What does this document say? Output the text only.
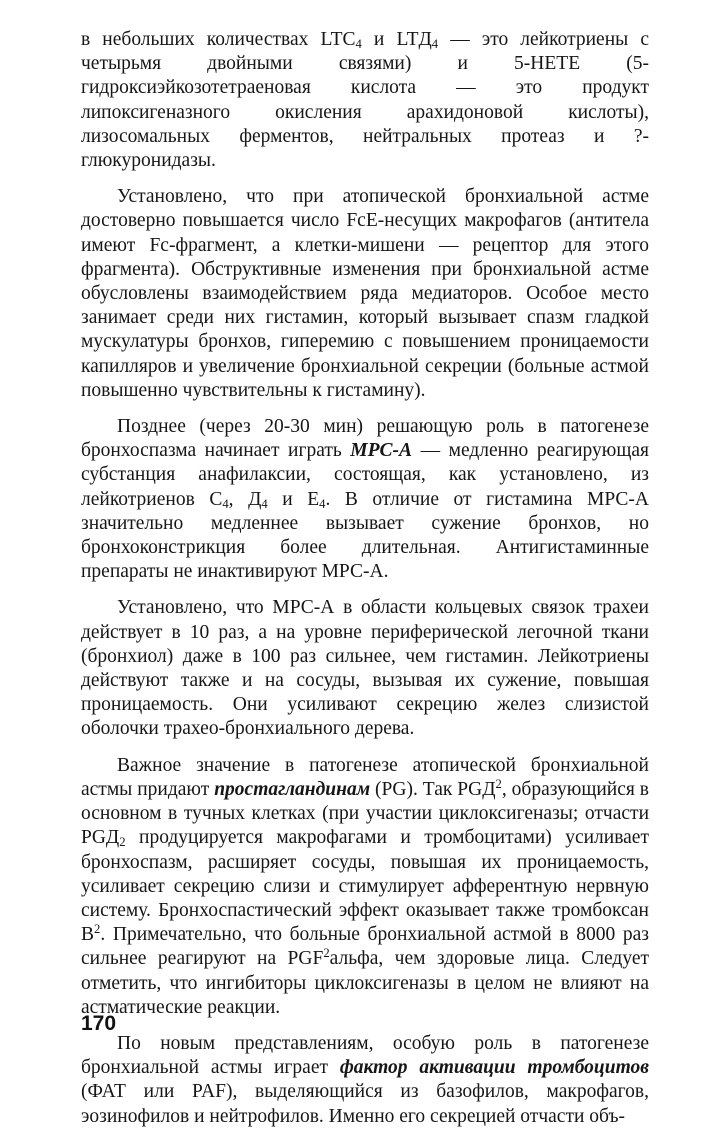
в небольших количествах $LTC_4$ и $LTД_4$ — это лейкотриены с четырьмя двойными связями) и 5-HETE (5-гидроксиэйкозотетраеновая кислота — это продукт липоксигеназного окисления арахидоновой кислоты), лизосомальных ферментов, нейтральных протеаз и ?-глюкуронидазы.

Установлено, что при атопической бронхиальной астме достоверно повышается число FcE-несущих макрофагов (антитела имеют Fc-фрагмент, а клетки-мишени — рецептор для этого фрагмента). Обструктивные изменения при бронхиальной астме обусловлены взаимодействием ряда медиаторов. Особое место занимает среди них гистамин, который вызывает спазм гладкой мускулатуры бронхов, гиперемию с повышением проницаемости капилляров и увеличение бронхиальной секреции (больные астмой повышенно чувствительны к гистамину).

Позднее (через 20-30 мин) решающую роль в патогенезе бронхоспазма начинает играть МРС-А — медленно реагирующая субстанция анафилаксии, состоящая, как установлено, из лейкотриенов $С_4$, $Д_4$ и $Е_4$. В отличие от гистамина МРС-А значительно медленнее вызывает сужение бронхов, но бронхоконстрикция более длительная. Антигистаминные препараты не инактивируют МРС-А.

Установлено, что МРС-А в области кольцевых связок трахеи действует в 10 раз, а на уровне периферической легочной ткани (бронхиол) даже в 100 раз сильнее, чем гистамин. Лейкотриены действуют также и на сосуды, вызывая их сужение, повышая проницаемость. Они усиливают секрецию желез слизистой оболочки трахео-бронхиального дерева.

Важное значение в патогенезе атопической бронхиальной астмы придают простагландинам (PG). Так PGД$^2$, образующийся в основном в тучных клетках (при участии циклоксигеназы; отчасти $PGД_2$ продуцируется макрофагами и тромбоцитами) усиливает бронхоспазм, расширяет сосуды, повышая их проницаемость, усиливает секрецию слизи и стимулирует афферентную нервную систему. Бронхоспастический эффект оказывает также тромбоксан $В^2$. Примечательно, что больные бронхиальной астмой в 8000 раз сильнее реагируют на PGF$^2$альфа, чем здоровые лица. Следует отметить, что ингибиторы циклоксигеназы в целом не влияют на астматические реакции.

По новым представлениям, особую роль в патогенезе бронхиальной астмы играет фактор активации тромбоцитов (ФАТ или PAF), выделяющийся из базофилов, макрофагов, эозинофилов и нейтрофилов. Именно его секрецией отчасти объ-

170
